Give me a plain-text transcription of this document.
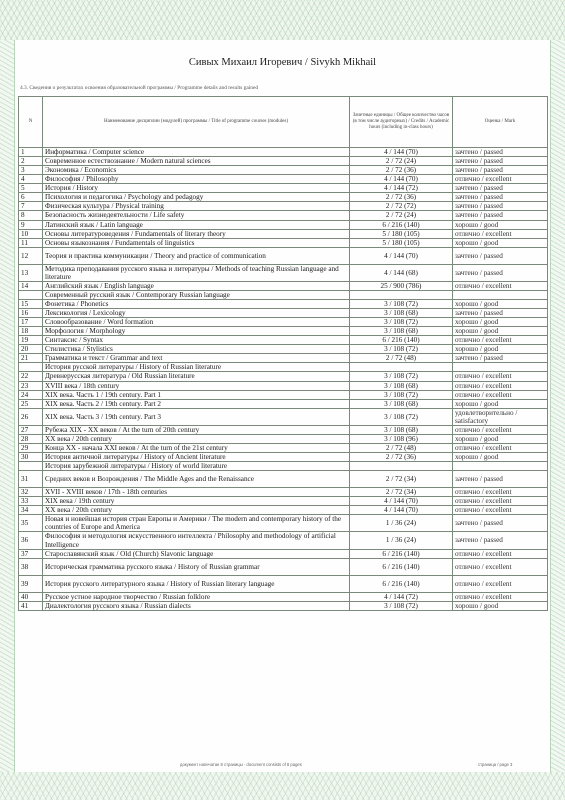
Сивых Михаил Игоревич / Sivykh Mikhail
4.3. Сведения о результатах освоения образовательной программы / Programme details and results gained
N	Наименование дисциплин (модулей) программы / Title of programme courses (modules)	Зачетные единицы / Общее количество часов (в том числе аудиторных) / Credits / Academic hours (including in-class hours)	Оценка / Mark
1	Информатика / Computer science	4 / 144 (70)	зачтено / passed
2	Современное естествознание / Modern natural sciences	2 / 72 (24)	зачтено / passed
3	Экономика / Economics	2 / 72 (36)	зачтено / passed
4	Философия / Philosophy	4 / 144 (70)	отлично / excellent
5	История / History	4 / 144 (72)	зачтено / passed
6	Психология и педагогика / Psychology and pedagogy	2 / 72 (36)	зачтено / passed
7	Физическая культура / Physical training	2 / 72 (72)	зачтено / passed
8	Безопасность жизнедеятельности / Life safety	2 / 72 (24)	зачтено / passed
9	Латинский язык / Latin language	6 / 216 (140)	хорошо / good
10	Основы литературоведения / Fundamentals of literary theory	5 / 180 (105)	отлично / excellent
11	Основы языкознания / Fundamentals of linguistics	5 / 180 (105)	хорошо / good
12	Теория и практика коммуникации / Theory and practice of communication	4 / 144 (70)	зачтено / passed
13	Методика преподавания русского языка и литературы / Methods of teaching Russian language and literature	4 / 144 (68)	зачтено / passed
14	Английский язык / English language	25 / 900 (786)	отлично / excellent
	Современный русский язык / Contemporary Russian language		
15	Фонетика / Phonetics	3 / 108 (72)	хорошо / good
16	Лексикология / Lexicology	3 / 108 (68)	зачтено / passed
17	Словообразование / Word formation	3 / 108 (72)	хорошо / good
18	Морфология / Morphology	3 / 108 (68)	хорошо / good
19	Синтаксис / Syntax	6 / 216 (140)	отлично / excellent
20	Стилистика / Stylistics	3 / 108 (72)	хорошо / good
21	Грамматика и текст / Grammar and text	2 / 72 (48)	зачтено / passed
	История русской литературы / History of Russian literature		
22	Древнерусская литература / Old Russian literature	3 / 108 (72)	отлично / excellent
23	XVIII века / 18th century	3 / 108 (68)	отлично / excellent
24	XIX века. Часть 1 / 19th century. Part 1	3 / 108 (72)	отлично / excellent
25	XIX века. Часть 2 / 19th century. Part 2	3 / 108 (68)	хорошо / good
26	XIX века. Часть 3 / 19th century. Part 3	3 / 108 (72)	удовлетворительно / satisfactory
27	Рубежа XIX - XX веков / At the turn of 20th century	3 / 108 (68)	отлично / excellent
28	XX века / 20th century	3 / 108 (96)	хорошо / good
29	Конца XX - начала XXI веков / At the turn of the 21st century	2 / 72 (48)	отлично / excellent
30	История античной литературы / History of Ancient literature	2 / 72 (36)	хорошо / good
	История зарубежной литературы / History of world literature		
31	Средних веков и Возрождения / The Middle Ages and the Renaissance	2 / 72 (34)	зачтено / passed
32	XVII - XVIII веков / 17th - 18th centuries	2 / 72 (34)	отлично / excellent
33	XIX века / 19th century	4 / 144 (70)	отлично / excellent
34	XX века / 20th century	4 / 144 (70)	отлично / excellent
35	Новая и новейшая история стран Европы и Америки / The modern and contemporary history of the countries of Europe and America	1 / 36 (24)	зачтено / passed
36	Философия и методология искусственного интеллекта / Philosophy and methodology of artificial Intelligence	1 / 36 (24)	зачтено / passed
37	Старославянский язык / Old (Church) Slavonic language	6 / 216 (140)	отлично / excellent
38	Историческая грамматика русского языка / History of Russian grammar	6 / 216 (140)	отлично / excellent
39	История русского литературного языка / History of Russian literary language	6 / 216 (140)	отлично / excellent
40	Русское устное народное творчество / Russian folklore	4 / 144 (72)	отлично / excellent
41	Диалектология русского языка / Russian dialects	3 / 108 (72)	хорошо / good
документ напечатан 8 страницы · document consists of 8 pages	страница / page 3
